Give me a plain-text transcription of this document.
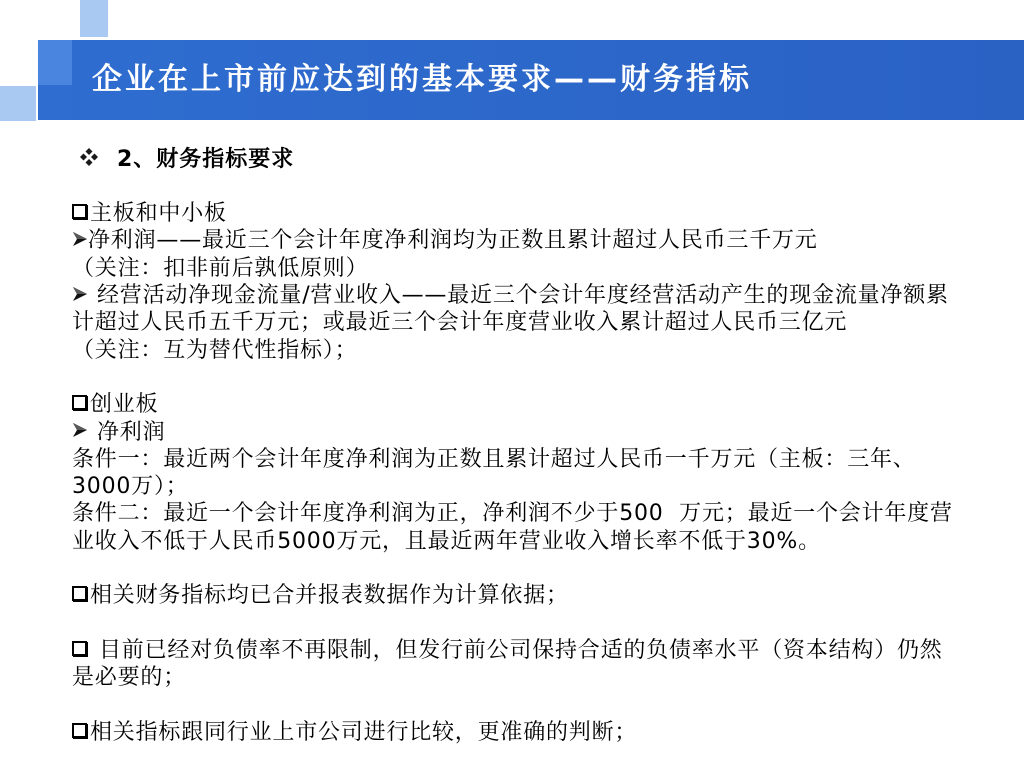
企业在上市前应达到的基本要求——财务指标
2、财务指标要求
主板和中小板
净利润——最近三个会计年度净利润均为正数且累计超过人民币三千万元
（关注：扣非前后孰低原则）
经营活动净现金流量/营业收入——最近三个会计年度经营活动产生的现金流量净额累
计超过人民币五千万元；或最近三个会计年度营业收入累计超过人民币三亿元
（关注：互为替代性指标）；
创业板
净利润
条件一：最近两个会计年度净利润为正数且累计超过人民币一千万元（主板：三年、
3000万）；
条件二：最近一个会计年度净利润为正，净利润不少于500  万元；最近一个会计年度营
业收入不低于人民币5000万元，且最近两年营业收入增长率不低于30%。
相关财务指标均已合并报表数据作为计算依据；
目前已经对负债率不再限制，但发行前公司保持合适的负债率水平（资本结构）仍然
是必要的；
相关指标跟同行业上市公司进行比较，更准确的判断；
